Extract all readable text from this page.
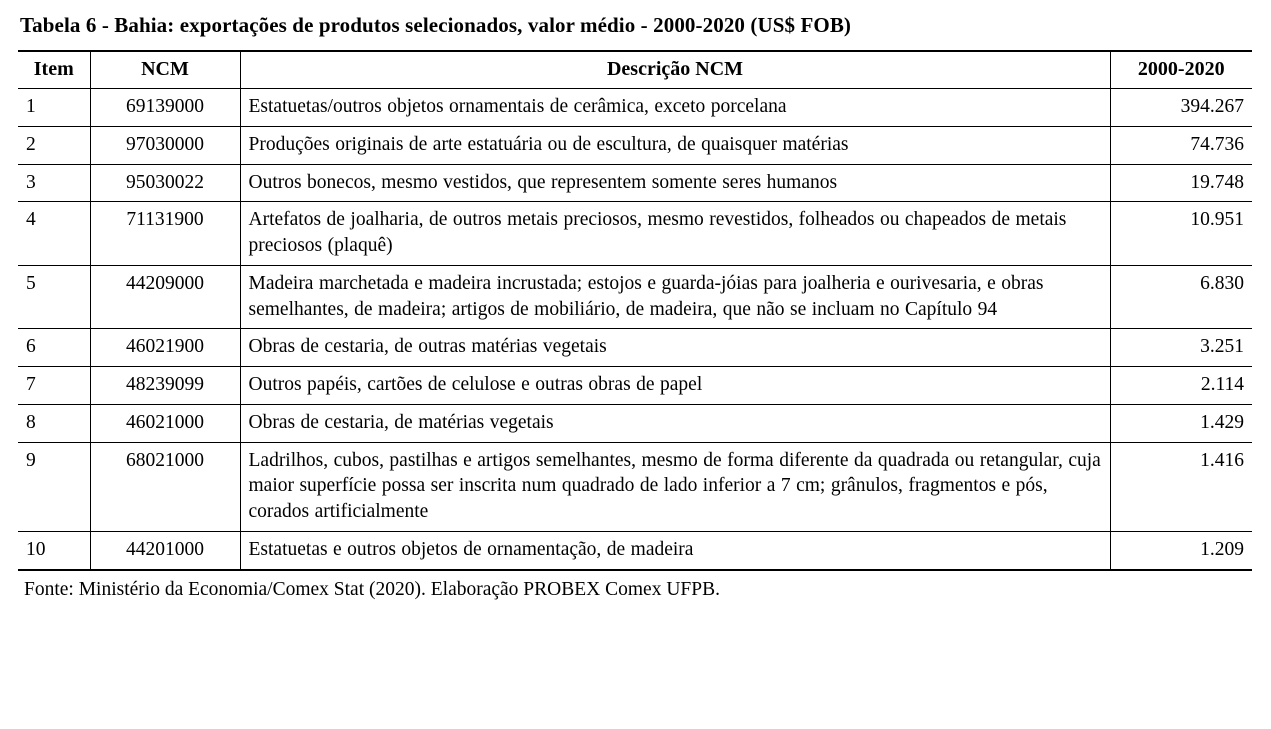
Tabela 6 - Bahia: exportações de produtos selecionados, valor médio - 2000-2020 (US$ FOB)
Item	NCM	Descrição NCM	2000-2020
1	69139000	Estatuetas/outros objetos ornamentais de cerâmica, exceto porcelana	394.267
2	97030000	Produções originais de arte estatuária ou de escultura, de quaisquer matérias	74.736
3	95030022	Outros bonecos, mesmo vestidos, que representem somente seres humanos	19.748
4	71131900	Artefatos de joalharia, de outros metais preciosos, mesmo revestidos, folheados ou chapeados de metais preciosos (plaquê)	10.951
5	44209000	Madeira marchetada e madeira incrustada; estojos e guarda-jóias para joalheria e ourivesaria, e obras semelhantes, de madeira; artigos de mobiliário, de madeira, que não se incluam no Capítulo 94	6.830
6	46021900	Obras de cestaria, de outras matérias vegetais	3.251
7	48239099	Outros papéis, cartões de celulose e outras obras de papel	2.114
8	46021000	Obras de cestaria, de matérias vegetais	1.429
9	68021000	Ladrilhos, cubos, pastilhas e artigos semelhantes, mesmo de forma diferente da quadrada ou retangular, cuja maior superfície possa ser inscrita num quadrado de lado inferior a 7 cm; grânulos, fragmentos e pós, corados artificialmente	1.416
10	44201000	Estatuetas e outros objetos de ornamentação, de madeira	1.209
Fonte: Ministério da Economia/Comex Stat (2020). Elaboração PROBEX Comex UFPB.
